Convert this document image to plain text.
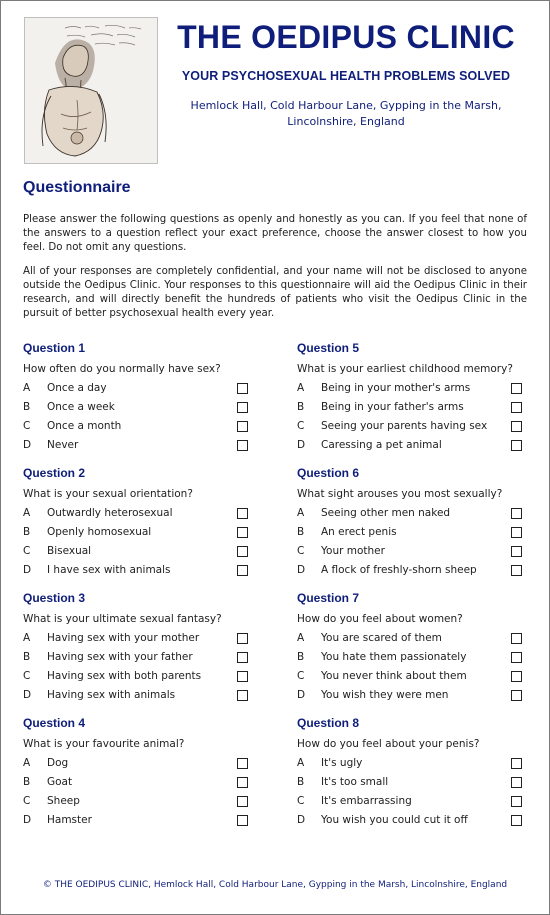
THE OEDIPUS CLINIC
YOUR PSYCHOSEXUAL HEALTH PROBLEMS SOLVED
Hemlock Hall, Cold Harbour Lane, Gypping in the Marsh,
Lincolnshire, England
Questionnaire

Please answer the following questions as openly and honestly as you can. If you feel that none of the answers to a question reflect your exact preference, choose the answer closest to how you feel. Do not omit any questions.

All of your responses are completely confidential, and your name will not be disclosed to anyone outside the Oedipus Clinic. Your responses to this questionnaire will aid the Oedipus Clinic in their research, and will directly benefit the hundreds of patients who visit the Oedipus Clinic in the pursuit of better psychosexual health every year.

Question 1
How often do you normally have sex?
A	Once a day
B	Once a week
C	Once a month
D	Never
Question 2
What is your sexual orientation?
A	Outwardly heterosexual
B	Openly homosexual
C	Bisexual
D	I have sex with animals
Question 3
What is your ultimate sexual fantasy?
A	Having sex with your mother
B	Having sex with your father
C	Having sex with both parents
D	Having sex with animals
Question 4
What is your favourite animal?
A	Dog
B	Goat
C	Sheep
D	Hamster
Question 5
What is your earliest childhood memory?
A	Being in your mother's arms
B	Being in your father's arms
C	Seeing your parents having sex
D	Caressing a pet animal
Question 6
What sight arouses you most sexually?
A	Seeing other men naked
B	An erect penis
C	Your mother
D	A flock of freshly-shorn sheep
Question 7
How do you feel about women?
A	You are scared of them
B	You hate them passionately
C	You never think about them
D	You wish they were men
Question 8
How do you feel about your penis?
A	It's ugly
B	It's too small
C	It's embarrassing
D	You wish you could cut it off
© THE OEDIPUS CLINIC, Hemlock Hall, Cold Harbour Lane, Gypping in the Marsh, Lincolnshire, England
